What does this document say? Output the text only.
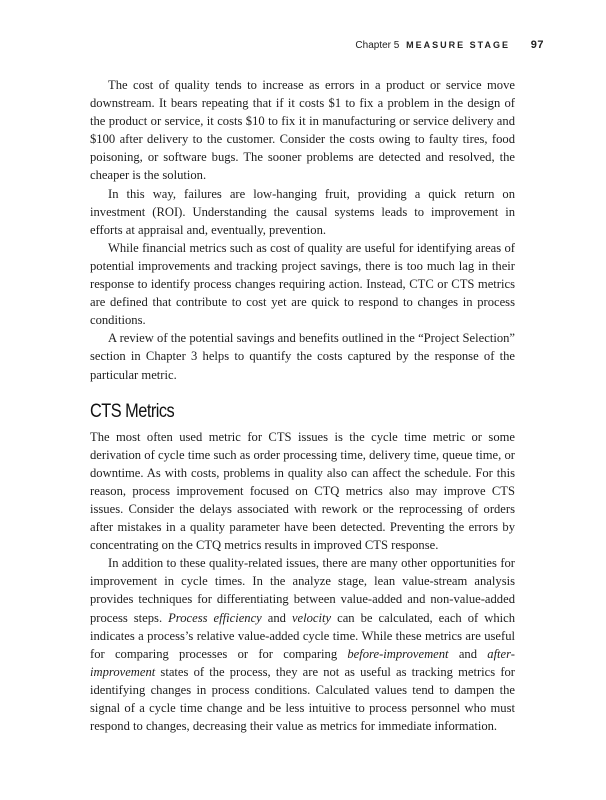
Chapter 5 MEASURE STAGE 97

The cost of quality tends to increase as errors in a product or service move downstream. It bears repeating that if it costs $1 to fix a problem in the design of the product or service, it costs $10 to fix it in manufacturing or service delivery and $100 after delivery to the customer. Consider the costs owing to faulty tires, food poisoning, or software bugs. The sooner problems are detected and resolved, the cheaper is the solution.

In this way, failures are low-hanging fruit, providing a quick return on investment (ROI). Understanding the causal systems leads to improvement in efforts at appraisal and, eventually, prevention.

While financial metrics such as cost of quality are useful for identifying areas of potential improvements and tracking project savings, there is too much lag in their response to identify process changes requiring action. Instead, CTC or CTS metrics are defined that contribute to cost yet are quick to respond to changes in process conditions.

A review of the potential savings and benefits outlined in the “Project Selection” section in Chapter 3 helps to quantify the costs captured by the response of the particular metric.

CTS Metrics

The most often used metric for CTS issues is the cycle time metric or some derivation of cycle time such as order processing time, delivery time, queue time, or downtime. As with costs, problems in quality also can affect the schedule. For this reason, process improvement focused on CTQ metrics also may improve CTS issues. Consider the delays associated with rework or the reprocessing of orders after mistakes in a quality parameter have been detected. Preventing the errors by concentrating on the CTQ metrics results in improved CTS response.

In addition to these quality-related issues, there are many other opportunities for improvement in cycle times. In the analyze stage, lean value-stream analysis provides techniques for differentiating between value-added and non-value-added process steps. Process efficiency and velocity can be calculated, each of which indicates a process’s relative value-added cycle time. While these metrics are useful for comparing processes or for comparing before-improvement and after-improvement states of the process, they are not as useful as tracking metrics for identifying changes in process conditions. Calculated values tend to dampen the signal of a cycle time change and be less intuitive to process personnel who must respond to changes, decreasing their value as metrics for immediate information.
